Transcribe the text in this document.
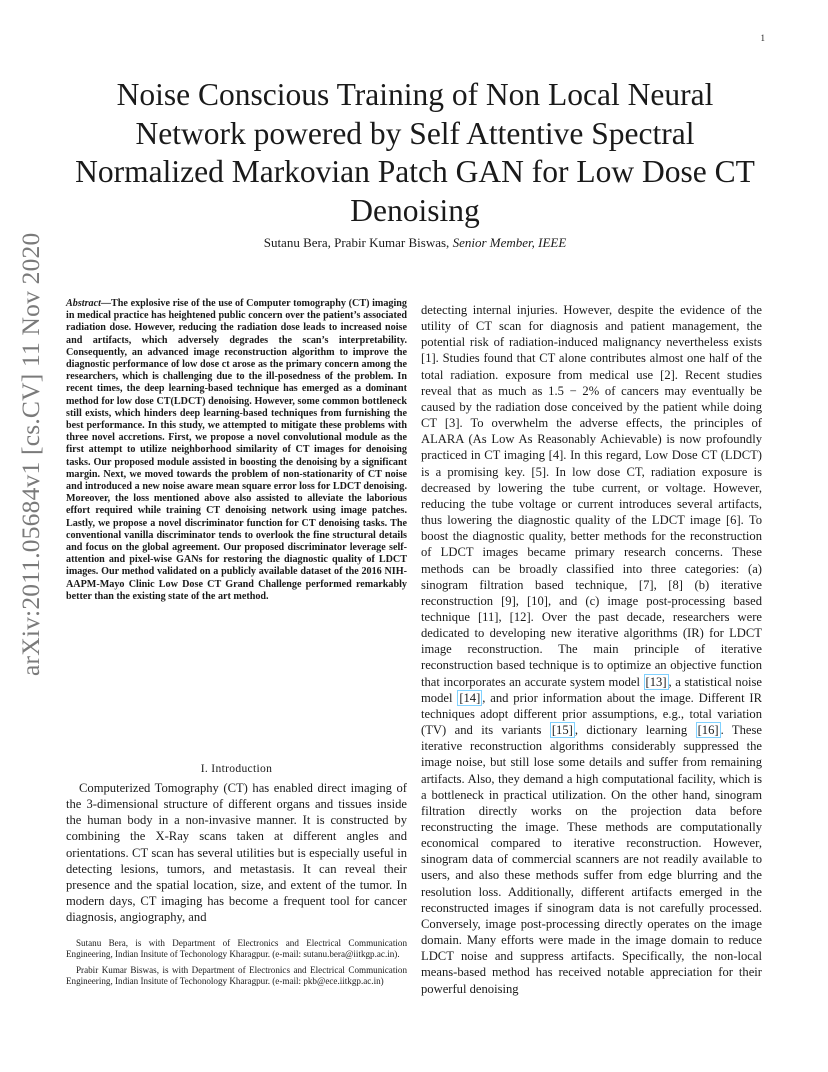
1
arXiv:2011.05684v1 [cs.CV] 11 Nov 2020
Noise Conscious Training of Non Local Neural Network powered by Self Attentive Spectral Normalized Markovian Patch GAN for Low Dose CT Denoising
Sutanu Bera, Prabir Kumar Biswas, Senior Member, IEEE
Abstract—The explosive rise of the use of Computer tomography (CT) imaging in medical practice has heightened public concern over the patient’s associated radiation dose. However, reducing the radiation dose leads to increased noise and artifacts, which adversely degrades the scan’s interpretability. Consequently, an advanced image reconstruction algorithm to improve the diagnostic performance of low dose ct arose as the primary concern among the researchers, which is challenging due to the ill-posedness of the problem. In recent times, the deep learning-based technique has emerged as a dominant method for low dose CT(LDCT) denoising. However, some common bottleneck still exists, which hinders deep learning-based techniques from furnishing the best performance. In this study, we attempted to mitigate these problems with three novel accretions. First, we propose a novel convolutional module as the first attempt to utilize neighborhood similarity of CT images for denoising tasks. Our proposed module assisted in boosting the denoising by a significant margin. Next, we moved towards the problem of non-stationarity of CT noise and introduced a new noise aware mean square error loss for LDCT denoising. Moreover, the loss mentioned above also assisted to alleviate the laborious effort required while training CT denoising network using image patches. Lastly, we propose a novel discriminator function for CT denoising tasks. The conventional vanilla discriminator tends to overlook the fine structural details and focus on the global agreement. Our proposed discriminator leverage self-attention and pixel-wise GANs for restoring the diagnostic quality of LDCT images. Our method validated on a publicly available dataset of the 2016 NIH-AAPM-Mayo Clinic Low Dose CT Grand Challenge performed remarkably better than the existing state of the art method.
I. Introduction

Computerized Tomography (CT) has enabled direct imaging of the 3-dimensional structure of different organs and tissues inside the human body in a non-invasive manner. It is constructed by combining the X-Ray scans taken at different angles and orientations. CT scan has several utilities but is especially useful in detecting lesions, tumors, and metastasis. It can reveal their presence and the spatial location, size, and extent of the tumor. In modern days, CT imaging has become a frequent tool for cancer diagnosis, angiography, and

Sutanu Bera, is with Department of Electronics and Electrical Communication Engineering, Indian Insitute of Techonology Kharagpur. (e-mail: sutanu.bera@iitkgp.ac.in).

Prabir Kumar Biswas, is with Department of Electronics and Electrical Communication Engineering, Indian Insitute of Techonology Kharagpur. (e-mail: pkb@ece.iitkgp.ac.in)

detecting internal injuries. However, despite the evidence of the utility of CT scan for diagnosis and patient management, the potential risk of radiation-induced malignancy nevertheless exists [1]. Studies found that CT alone contributes almost one half of the total radiation. exposure from medical use [2]. Recent studies reveal that as much as 1.5 − 2% of cancers may eventually be caused by the radiation dose conceived by the patient while doing CT [3]. To overwhelm the adverse effects, the principles of ALARA (As Low As Reasonably Achievable) is now profoundly practiced in CT imaging [4]. In this regard, Low Dose CT (LDCT) is a promising key. [5]. In low dose CT, radiation exposure is decreased by lowering the tube current, or voltage. However, reducing the tube voltage or current introduces several artifacts, thus lowering the diagnostic quality of the LDCT image [6]. To boost the diagnostic quality, better methods for the reconstruction of LDCT images became primary research concerns. These methods can be broadly classified into three categories: (a) sinogram filtration based technique, [7], [8] (b) iterative reconstruction [9], [10], and (c) image post-processing based technique [11], [12]. Over the past decade, researchers were dedicated to developing new iterative algorithms (IR) for LDCT image reconstruction. The main principle of iterative reconstruction based technique is to optimize an objective function that incorporates an accurate system model [13] , a statistical noise model [14] , and prior information about the image. Different IR techniques adopt different prior assumptions, e.g., total variation (TV) and its variants [15] , dictionary learning [16] . These iterative reconstruction algorithms considerably suppressed the image noise, but still lose some details and suffer from remaining artifacts. Also, they demand a high computational facility, which is a bottleneck in practical utilization. On the other hand, sinogram filtration directly works on the projection data before reconstructing the image. These methods are computationally economical compared to iterative reconstruction. However, sinogram data of commercial scanners are not readily available to users, and also these methods suffer from edge blurring and the resolution loss. Additionally, different artifacts emerged in the reconstructed images if sinogram data is not carefully processed. Conversely, image post-processing directly operates on the image domain. Many efforts were made in the image domain to reduce LDCT noise and suppress artifacts. Specifically, the non-local means-based method has received notable appreciation for their powerful denoising
